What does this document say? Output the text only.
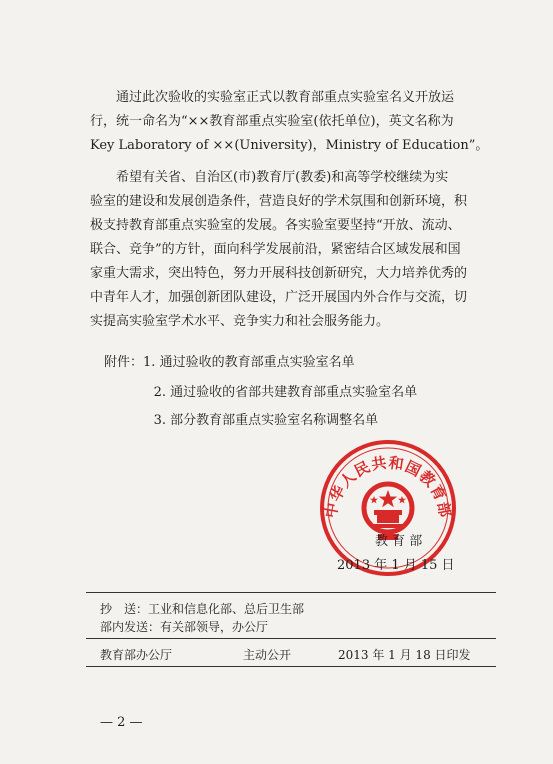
通过此次验收的实验室正式以教育部重点实验室名义开放运
行，统一命名为“××教育部重点实验室(依托单位)，英文名称为
Key Laboratory of ××(University)，Ministry of Education”。
希望有关省、自治区(市)教育厅(教委)和高等学校继续为实
验室的建设和发展创造条件，营造良好的学术氛围和创新环境，积
极支持教育部重点实验室的发展。各实验室要坚持“开放、流动、
联合、竞争”的方针，面向科学发展前沿，紧密结合区域发展和国
家重大需求，突出特色，努力开展科技创新研究，大力培养优秀的
中青年人才，加强创新团队建设，广泛开展国内外合作与交流，切
实提高实验室学术水平、竞争实力和社会服务能力。
附件：1. 通过验收的教育部重点实验室名单
2. 通过验收的省部共建教育部重点实验室名单
3. 部分教育部重点实验室名称调整名单
中华人民共和国教育部
教 育 部
2013 年 1 月 15 日
抄　送：工业和信息化部、总后卫生部
部内发送：有关部领导，办公厅
教育部办公厅	主动公开	2013 年 1 月 18 日印发
— 2 —
